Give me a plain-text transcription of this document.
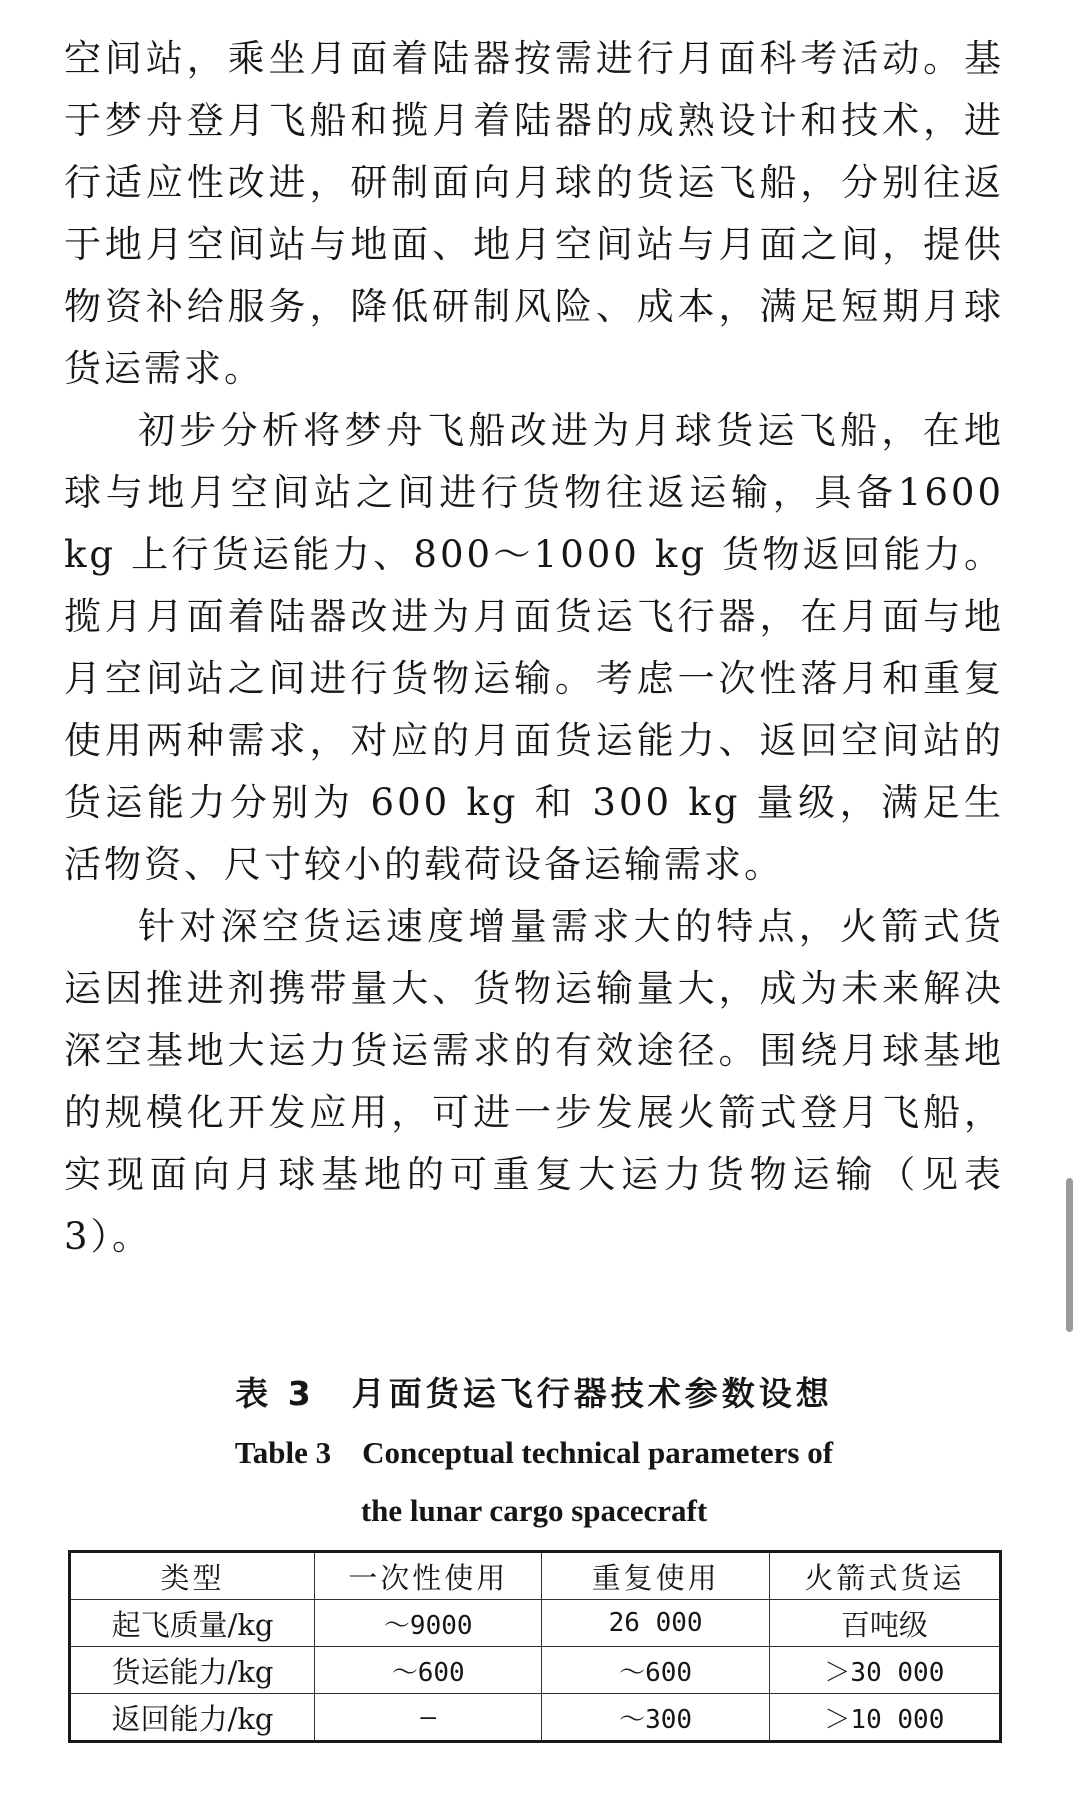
空间站，乘坐月面着陆器按需进行月面科考活动。基于梦舟登月飞船和揽月着陆器的成熟设计和技术，进行适应性改进，研制面向月球的货运飞船，分别往返于地月空间站与地面、地月空间站与月面之间，提供物资补给服务，降低研制风险、成本，满足短期月球货运需求。

初步分析将梦舟飞船改进为月球货运飞船，在地球与地月空间站之间进行货物往返运输，具备1600 kg 上行货运能力、800～1000 kg 货物返回能力。揽月月面着陆器改进为月面货运飞行器，在月面与地月空间站之间进行货物运输。考虑一次性落月和重复使用两种需求，对应的月面货运能力、返回空间站的货运能力分别为 600 kg 和 300 kg 量级，满足生活物资、尺寸较小的载荷设备运输需求。

针对深空货运速度增量需求大的特点，火箭式货运因推进剂携带量大、货物运输量大，成为未来解决深空基地大运力货运需求的有效途径。围绕月球基地的规模化开发应用，可进一步发展火箭式登月飞船，实现面向月球基地的可重复大运力货物运输（见表 3）。

表 3　月面货运飞行器技术参数设想
Table 3　Conceptual technical parameters of
the lunar cargo spacecraft
类型	一次性使用	重复使用	火箭式货运
起飞质量/kg	～9000	26 000	百吨级
货运能力/kg	～600	～600	＞30 000
返回能力/kg	—	～300	＞10 000
